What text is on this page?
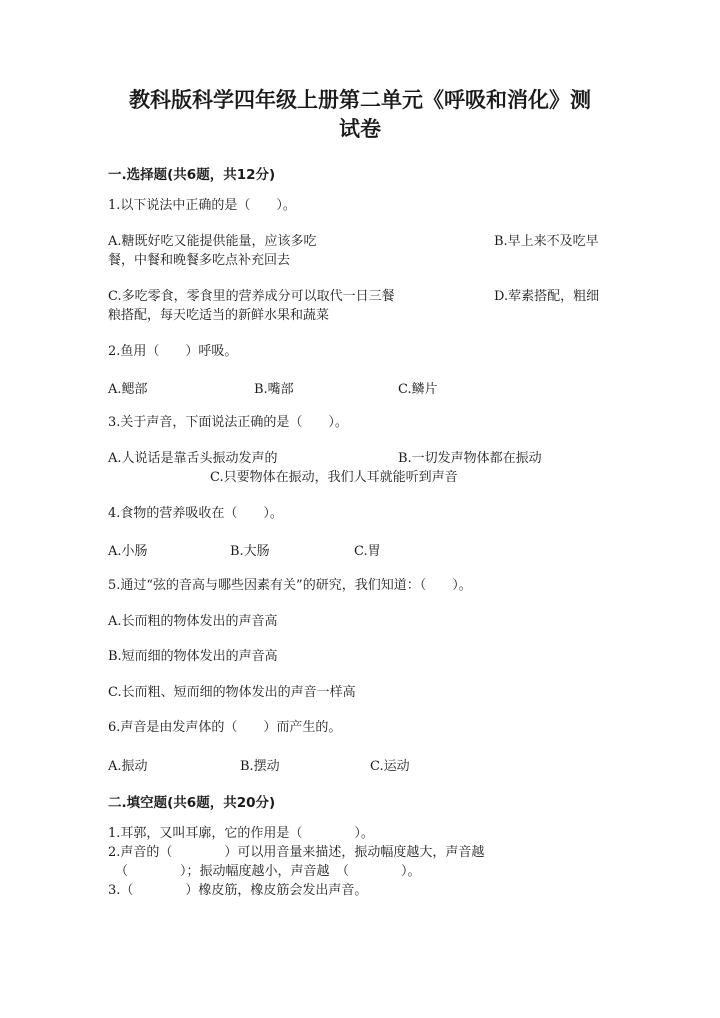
教科版科学四年级上册第二单元《呼吸和消化》测
试卷
一.选择题(共6题，共12分)
1.以下说法中正确的是（　　）。
A.糖既好吃又能提供能量，应该多吃	B.早上来不及吃早
餐，中餐和晚餐多吃点补充回去
C.多吃零食，零食里的营养成分可以取代一日三餐	D.荤素搭配，粗细
粮搭配，每天吃适当的新鲜水果和蔬菜
2.鱼用（　　）呼吸。
A.鳃部	B.嘴部	C.鳞片
3.关于声音，下面说法正确的是（　　）。
A.人说话是靠舌头振动发声的	B.一切发声物体都在振动
C.只要物体在振动，我们人耳就能听到声音
4.食物的营养吸收在（　　）。
A.小肠	B.大肠	C.胃
5.通过“弦的音高与哪些因素有关”的研究，我们知道：（　　）。
A.长而粗的物体发出的声音高
B.短而细的物体发出的声音高
C.长而粗、短而细的物体发出的声音一样高
6.声音是由发声体的（　　）而产生的。
A.振动	B.摆动	C.运动
二.填空题(共6题，共20分)
1.耳郭，又叫耳廓，它的作用是（　　　　）。
2.声音的（　　　　）可以用音量来描述，振动幅度越大，声音越
（　　　　）；振动幅度越小，声音越　（　　　　）。
3.（　　　　）橡皮筋，橡皮筋会发出声音。
